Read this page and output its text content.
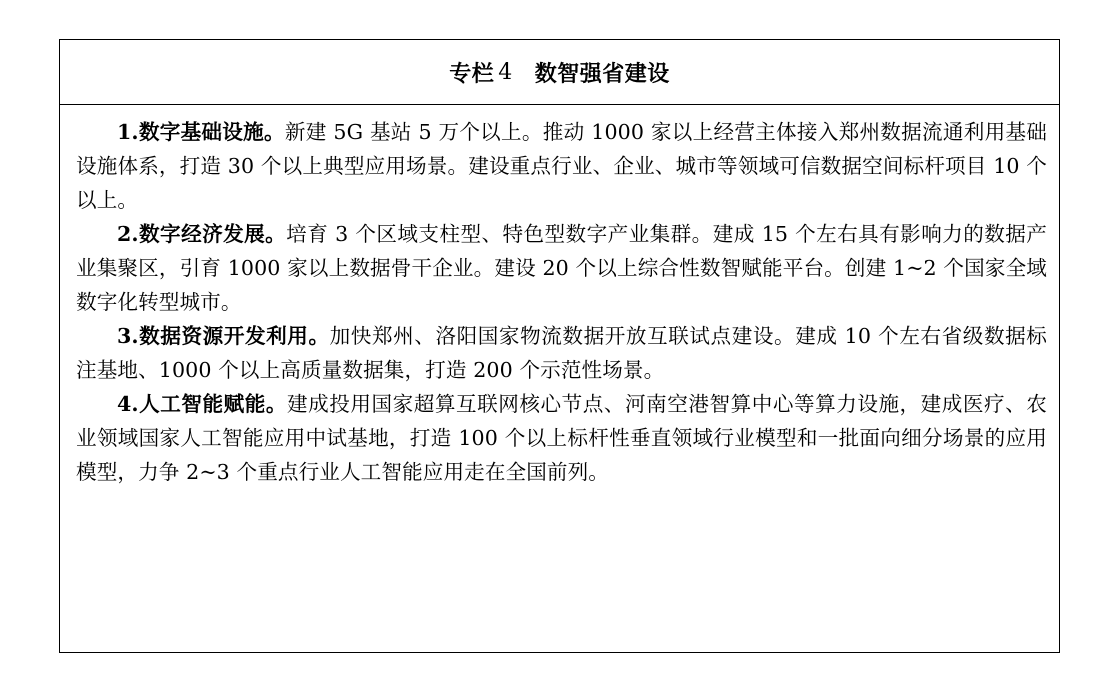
专栏 4 数智强省建设

1.数字基础设施。新建 5G 基站 5 万个以上。推动 1000 家以上经营主体接入郑州数据流通利用基础设施体系，打造 30 个以上典型应用场景。建设重点行业、企业、城市等领域可信数据空间标杆项目 10 个以上。

2.数字经济发展。培育 3 个区域支柱型、特色型数字产业集群。建成 15 个左右具有影响力的数据产业集聚区，引育 1000 家以上数据骨干企业。建设 20 个以上综合性数智赋能平台。创建 1~2 个国家全域数字化转型城市。

3.数据资源开发利用。加快郑州、洛阳国家物流数据开放互联试点建设。建成 10 个左右省级数据标注基地、1000 个以上高质量数据集，打造 200 个示范性场景。

4.人工智能赋能。建成投用国家超算互联网核心节点、河南空港智算中心等算力设施，建成医疗、农业领域国家人工智能应用中试基地，打造 100 个以上标杆性垂直领域行业模型和一批面向细分场景的应用模型，力争 2~3 个重点行业人工智能应用走在全国前列。
